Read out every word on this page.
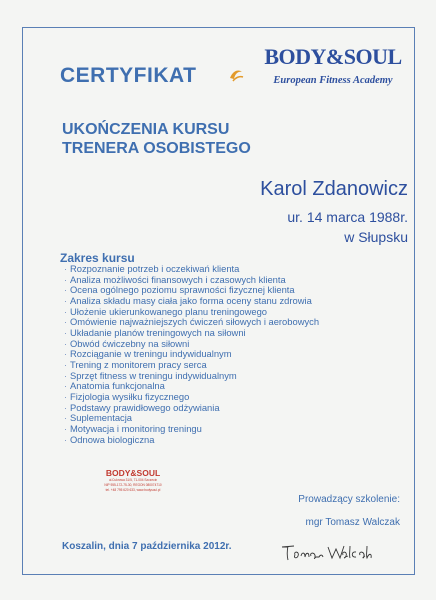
CERTYFIKAT
BODY&SOUL
European Fitness Academy
UKOŃCZENIA KURSU
TRENERA OSOBISTEGO
Karol Zdanowicz
ur. 14 marca 1988r.
w Słupsku
Zakres kursu
· Rozpoznanie potrzeb i oczekiwań klienta
· Analiza możliwości finansowych i czasowych klienta
· Ocena ogólnego poziomu sprawności fizycznej klienta
· Analiza składu masy ciała jako forma oceny stanu zdrowia
· Ułożenie ukierunkowanego planu treningowego
· Omówienie najważniejszych ćwiczeń siłowych i aerobowych
· Układanie planów treningowych na siłowni
· Obwód ćwiczebny na siłowni
· Rozciąganie w treningu indywidualnym
· Trening z monitorem pracy serca
· Sprzęt fitness w treningu indywidualnym
· Anatomia funkcjonalna
· Fizjologia wysiłku fizycznego
· Podstawy prawidłowego odżywiania
· Suplementacja
· Motywacja i monitoring treningu
· Odnowa biologiczna
BODY&SOUL
ul.Cukrowa 31/5, 71-004 Szczecin
NIP 955-172-75-30, REGON 080074710
tel. +48 795 620 633, www.bodysoul.pl
Prowadzący szkolenie:
mgr Tomasz Walczak
Koszalin, dnia 7 października 2012r.
